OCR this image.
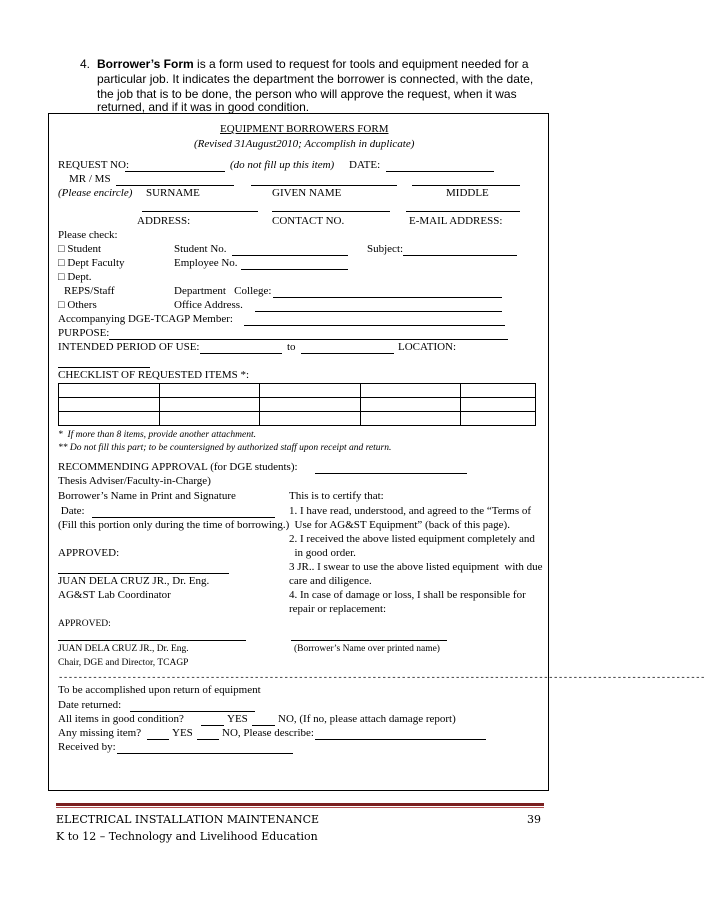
4. Borrower’s Form is a form used to request for tools and equipment needed for a
particular job. It indicates the department the borrower is connected, with the date,
the job that is to be done, the person who will approve the request, when it was
returned, and if it was in good condition.
EQUIPMENT BORROWERS FORM
(Revised 31August2010; Accomplish in duplicate)
REQUEST NO:	(do not fill up this item) DATE:
MR / MS
(Please encircle) SURNAME	GIVEN NAME	MIDDLE
ADDRESS:	CONTACT NO.	E-MAIL ADDRESS:
Please check:
□ Student	Student No.	Subject:
□ Dept Faculty	Employee No.
□ Dept.
REPS/Staff	Department   College:
□ Others	Office Address.
Accompanying DGE-TCAGP Member:
PURPOSE:
INTENDED PERIOD OF USE:	to	LOCATION:
CHECKLIST OF REQUESTED ITEMS *:

*  If more than 8 items, provide another attachment.
** Do not fill this part; to be countersigned by authorized staff upon receipt and return.
RECOMMENDING APPROVAL (for DGE students):
Thesis Adviser/Faculty-in-Charge)
Borrower’s Name in Print and Signature
Date:
(Fill this portion only during the time of borrowing.)
This is to certify that:
1. I have read, understood, and agreed to the “Terms of
Use for AG&ST Equipment” (back of this page).
2. I received the above listed equipment completely and
in good order.
3 JR.. I swear to use the above listed equipment  with due
care and diligence.
4. In case of damage or loss, I shall be responsible for
repair or replacement:
APPROVED:
JUAN DELA CRUZ JR., Dr. Eng.
AG&ST Lab Coordinator
APPROVED:
JUAN DELA CRUZ JR., Dr. Eng.	(Borrower’s Name over printed name)
Chair, DGE and Director, TCAGP
------------------------------------------------------------------------------------------------------------------------------------
To be accomplished upon return of equipment
Date returned:
All items in good condition?	YES	NO, (If no, please attach damage report)
Any missing item?	YES	NO, Please describe:
Received by:
ELECTRICAL INSTALLATION MAINTENANCE	39
K to 12 – Technology and Livelihood Education
